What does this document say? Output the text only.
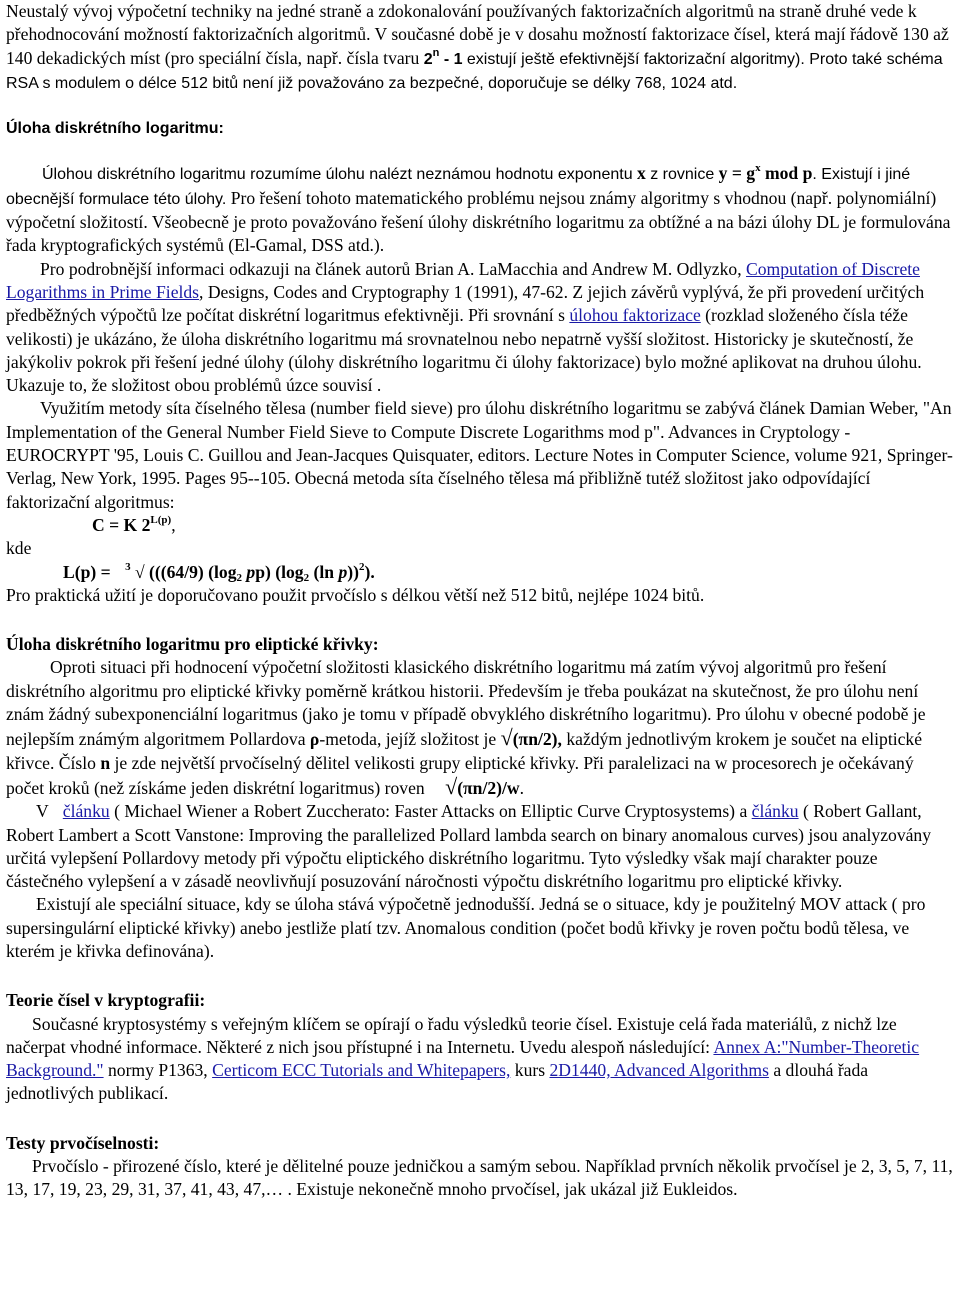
Neustalý vývoj výpočetní techniky na jedné straně a zdokonalování používaných faktorizačních algoritmů na straně druhé vede k přehodnocování možností faktorizačních algoritmů. V současné době je v dosahu možností faktorizace čísel, která mají řádově 130 až 140 dekadických míst (pro speciální čísla, např. čísla tvaru 2$^n$ - 1 existují ještě efektivnější faktorizační algoritmy). Proto také schéma RSA s modulem o délce 512 bitů není již považováno za bezpečné, doporučuje se délky 768, 1024 atd.

Úloha diskrétního logaritmu:

Úlohou diskrétního logaritmu rozumíme úlohu nalézt neznámou hodnotu exponentu x z rovnice $y = g^x$ mod p. Existují i jiné obecnější formulace této úlohy. Pro řešení tohoto matematického problému nejsou známy algoritmy s vhodnou (např. polynomiální) výpočetní složitostí. Všeobecně je proto považováno řešení úlohy diskrétního logaritmu za obtížné a na bázi úlohy DL je formulována řada kryptografických systémů (El-Gamal, DSS atd.).

Pro podrobnější informaci odkazuji na článek autorů Brian A. LaMacchia and Andrew M. Odlyzko, Computation of Discrete Logarithms in Prime Fields, Designs, Codes and Cryptography 1 (1991), 47-62. Z jejich závěrů vyplývá, že při provedení určitých předběžných výpočtů lze počítat diskrétní logaritmus efektivněji. Při srovnání s úlohou faktorizace (rozklad složeného čísla téže velikosti) je ukázáno, že úloha diskrétního logaritmu má srovnatelnou nebo nepatrně vyšší složitost. Historicky je skutečností, že jakýkoliv pokrok při řešení jedné úlohy (úlohy diskrétního logaritmu či úlohy faktorizace) bylo možné aplikovat na druhou úlohu. Ukazuje to, že složitost obou problémů úzce souvisí .

Využitím metody síta číselného tělesa (number field sieve) pro úlohu diskrétního logaritmu se zabývá článek Damian Weber, "An Implementation of the General Number Field Sieve to Compute Discrete Logarithms mod p". Advances in Cryptology - EUROCRYPT '95, Louis C. Guillou and Jean-Jacques Quisquater, editors. Lecture Notes in Computer Science, volume 921, Springer-Verlag, New York, 1995. Pages 95--105. Obecná metoda síta číselného tělesa má přibližně tutéž složitost jako odpovídající faktorizační algoritmus:

C = K $2^{L(p)}$,

kde

L(p) = $^3$ √ (((64/9) ($\log_2$ pp) ($\log_2$ (ln p))$^2$).

Pro praktická užití je doporučovano použit prvočíslo s délkou větší než 512 bitů, nejlépe 1024 bitů.

Úloha diskrétního logaritmu pro eliptické křivky:

Oproti situaci při hodnocení výpočetní složitosti klasického diskrétního logaritmu má zatím vývoj algoritmů pro řešení diskrétního algoritmu pro eliptické křivky poměrně krátkou historii. Především je třeba poukázat na skutečnost, že pro úlohu není znám žádný subexponenciální logaritmus (jako je tomu v případě obvyklého diskrétního logaritmu). Pro úlohu v obecné podobě je nejlepším známým algoritmem Pollardova ρ-metoda, jejíž složitost je √(πn/2), každým jednotlivým krokem je součet na eliptické křivce. Číslo n je zde největší prvočíselný dělitel velikosti grupy eliptické křivky. Při paralelizaci na w procesorech je očekávaný počet kroků (než získáme jeden diskrétní logaritmus) roven √(πn/2)/w.

V článku ( Michael Wiener a Robert Zuccherato: Faster Attacks on Elliptic Curve Cryptosystems) a článku ( Robert Gallant, Robert Lambert a Scott Vanstone: Improving the parallelized Pollard lambda search on binary anomalous curves) jsou analyzovány určitá vylepšení Pollardovy metody při výpočtu eliptického diskrétního logaritmu. Tyto výsledky však mají charakter pouze částečného vylepšení a v zásadě neovlivňují posuzování náročnosti výpočtu diskrétního logaritmu pro eliptické křivky.

Existují ale speciální situace, kdy se úloha stává výpočetně jednodušší. Jedná se o situace, kdy je použitelný MOV attack ( pro supersingulární eliptické křivky) anebo jestliže platí tzv. Anomalous condition (počet bodů křivky je roven počtu bodů tělesa, ve kterém je křivka definována).

Teorie čísel v kryptografii:

Současné kryptosystémy s veřejným klíčem se opírají o řadu výsledků teorie čísel. Existuje celá řada materiálů, z nichž lze načerpat vhodné informace. Některé z nich jsou přístupné i na Internetu. Uvedu alespoň následující: Annex A:"Number-Theoretic Background." normy P1363, Certicom ECC Tutorials and Whitepapers, kurs 2D1440, Advanced Algorithms a dlouhá řada jednotlivých publikací.

Testy prvočíselnosti:

Prvočíslo - přirozené číslo, které je dělitelné pouze jedničkou a samým sebou. Například prvních několik prvočísel je 2, 3, 5, 7, 11, 13, 17, 19, 23, 29, 31, 37, 41, 43, 47,… . Existuje nekonečně mnoho prvočísel, jak ukázal již Eukleidos.
